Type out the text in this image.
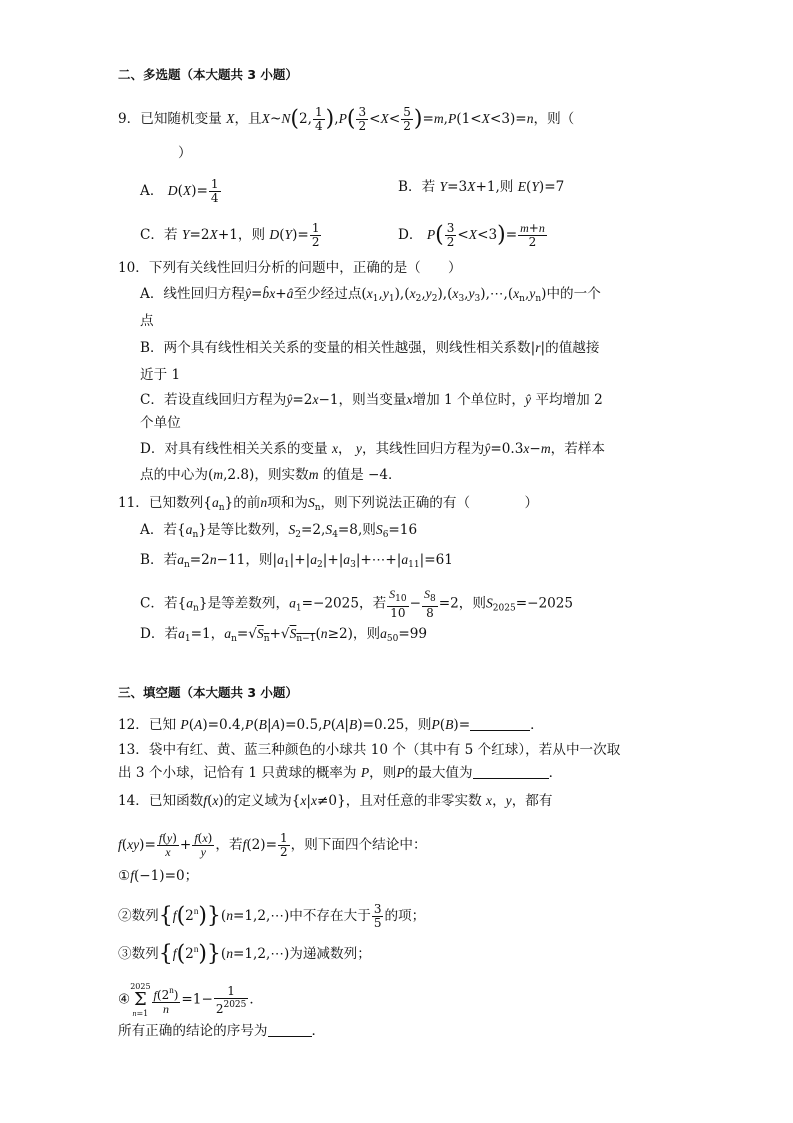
二、多选题（本大题共 3 小题）
9．已知随机变量 X，且X~N(2, $\frac{1}{4} ),P( \frac{3}{2} <X< \frac{5}{2} )=m,P(1<X<3)=n$，则（
）
A． $D(X)= \frac{1}{4}$	B．若 Y=3X+1,则 E(Y)=7
C．若 Y=2X+1，则 $D(Y)= \frac{1}{2}$	D． $P( \frac{3}{2} <X<3)= \frac{m+n}{2}$
10．下列有关线性回归分析的问题中，正确的是（　　）
A．线性回归方程ŷ=b̂x+â至少经过点$(x_1,y_1),(x_2,y_2),(x_3,y_3),\cdots,(x_n,y_n)$中的一个
点
B．两个具有线性相关关系的变量的相关性越强，则线性相关系数|r|的值越接
近于 1
C．若设直线回归方程为ŷ=2x−1，则当变量x增加 1 个单位时，ŷ 平均增加 2
个单位
D．对具有线性相关关系的变量 x， y，其线性回归方程为ŷ=0.3x−m，若样本
点的中心为(m,2.8)，则实数m 的值是 −4．
11．已知数列$\{a_n\}$的前n项和为$S_n$，则下列说法正确的有（　　　　）
A．若$\{a_n\}$是等比数列，$S_2=2,S_4=8$,则$S_6=16$
B．若$a_n=2n-11$，则$|a_1|+|a_2|+|a_3|+\cdots+|a_{11}|=61$
C．若$\{a_n\}$是等差数列，$a_1=-2025$，若 $\frac{S_{10}}{10} - \frac{S_8}{8} =2$，则$S_{2025}=-2025$
D．若$a_1=1$，$a_n=√S_n+√S_{n-1}(n\ge 2)$，则$a_{50}=99$
三、填空题（本大题共 3 小题）
12．已知 P(A)=0.4,P(B|A)=0.5,P(A|B)=0.25，则P(B)=	．
13．袋中有红、黄、蓝三种颜色的小球共 10 个（其中有 5 个红球），若从中一次取
出 3 个小球，记恰有 1 只黄球的概率为 P，则P的最大值为	．
14．已知函数f(x)的定义域为{x|x≠0}，且对任意的非零实数 x，y，都有
$f(xy)= \frac{f(y)}{x} + \frac{f(x)}{y}$ ，若$f(2)= \frac{1}{2}$ ，则下面四个结论中：
①f(−1)=0；
②数列$\{f(2^n)\}(n=1,2,\cdots)$中不存在大于 $\frac{3}{5}$ 的项；
③数列$\{f(2^n)\}(n=1,2,\cdots)$为递减数列；
④2025
Σ
$n=1 \frac{f(2^n)}{n} =1- \frac{1}{2^{2025}}$ ．
所有正确的结论的序号为	．
